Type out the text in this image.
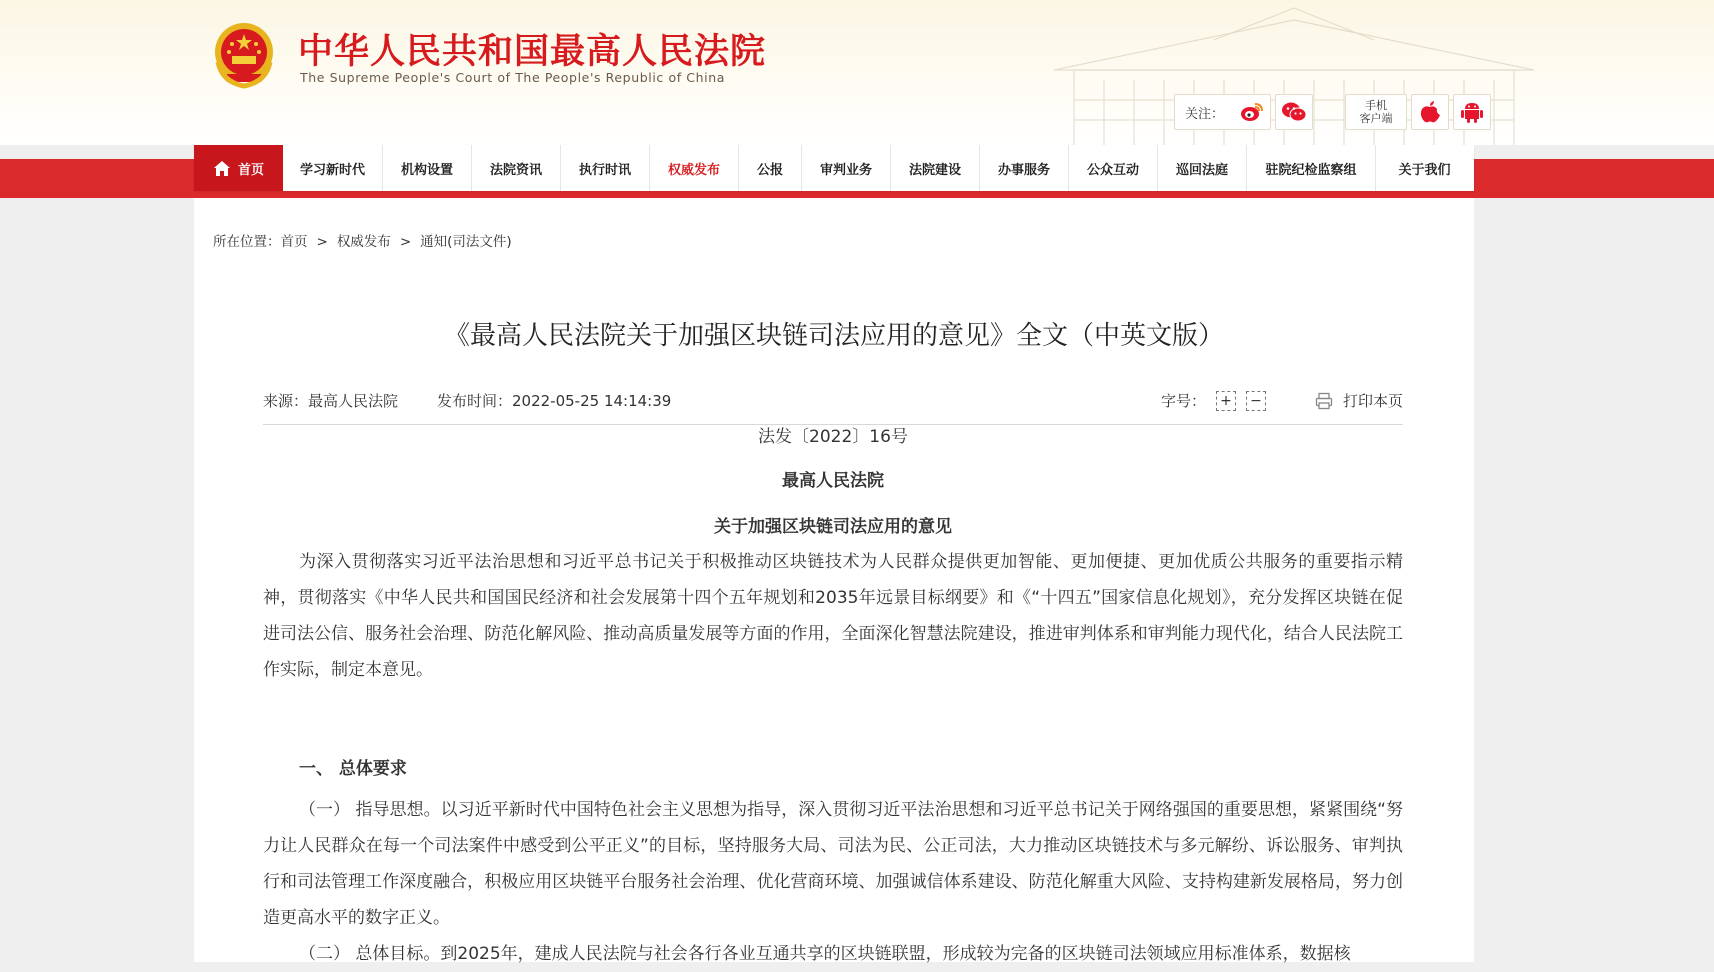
中华人民共和国最高人民法院
The Supreme People's Court of The People's Republic of China
关注：
手机
客户端
首页	学习新时代	机构设置	法院资讯	执行时讯	权威发布	公报	审判业务	法院建设	办事服务	公众互动	巡回法庭	驻院纪检监察组	关于我们
所在位置：首页 > 权威发布 > 通知(司法文件)
《最高人民法院关于加强区块链司法应用的意见》全文（中英文版）
来源：最高人民法院	发布时间：2022-05-25 14:14:39	字号： + −	打印本页
法发〔2022〕16号
最高人民法院
关于加强区块链司法应用的意见
为深入贯彻落实习近平法治思想和习近平总书记关于积极推动区块链技术为人民群众提供更加智能、更加便捷、更加优质公共服务的重要指示精神，贯彻落实《中华人民共和国国民经济和社会发展第十四个五年规划和2035年远景目标纲要》和《“十四五”国家信息化规划》，充分发挥区块链在促进司法公信、服务社会治理、防范化解风险、推动高质量发展等方面的作用，全面深化智慧法院建设，推进审判体系和审判能力现代化，结合人民法院工作实际，制定本意见。
一、 总体要求
（一） 指导思想。以习近平新时代中国特色社会主义思想为指导，深入贯彻习近平法治思想和习近平总书记关于网络强国的重要思想，紧紧围绕“努力让人民群众在每一个司法案件中感受到公平正义”的目标，坚持服务大局、司法为民、公正司法，大力推动区块链技术与多元解纷、诉讼服务、审判执行和司法管理工作深度融合，积极应用区块链平台服务社会治理、优化营商环境、加强诚信体系建设、防范化解重大风险、支持构建新发展格局，努力创造更高水平的数字正义。
（二） 总体目标。到2025年，建成人民法院与社会各行各业互通共享的区块链联盟，形成较为完备的区块链司法领域应用标准体系，数据核
